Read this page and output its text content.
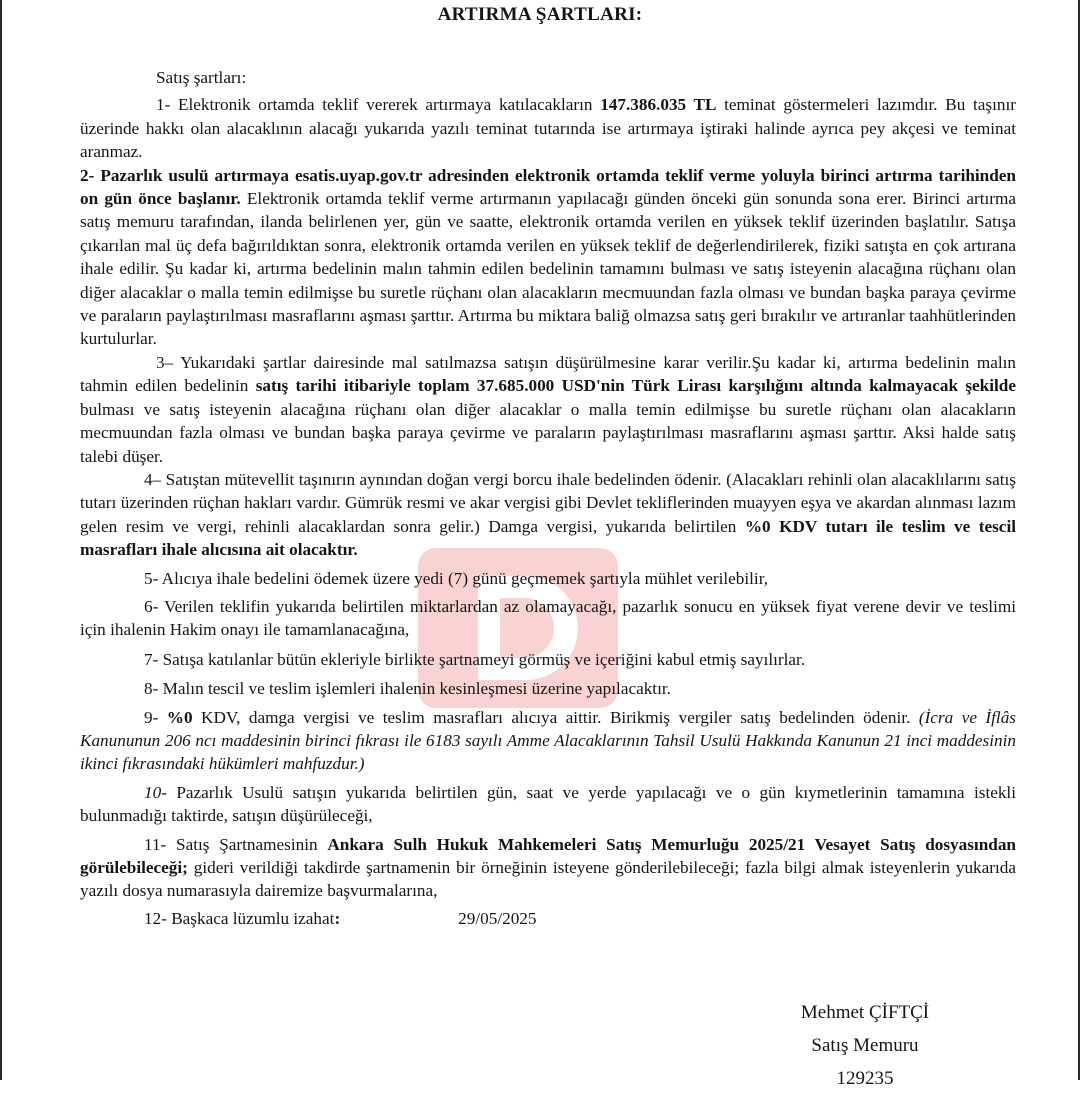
ARTIRMA ŞARTLARI:

Satış şartları:

1- Elektronik ortamda teklif vererek artırmaya katılacakların 147.386.035 TL teminat göstermeleri lazımdır. Bu taşınır üzerinde hakkı olan alacaklının alacağı yukarıda yazılı teminat tutarında ise artırmaya iştiraki halinde ayrıca pey akçesi ve teminat aranmaz.

2- Pazarlık usulü artırmaya esatis.uyap.gov.tr adresinden elektronik ortamda teklif verme yoluyla birinci artırma tarihinden on gün önce başlanır. Elektronik ortamda teklif verme artırmanın yapılacağı günden önceki gün sonunda sona erer. Birinci artırma satış memuru tarafından, ilanda belirlenen yer, gün ve saatte, elektronik ortamda verilen en yüksek teklif üzerinden başlatılır. Satışa çıkarılan mal üç defa bağırıldıktan sonra, elektronik ortamda verilen en yüksek teklif de değerlendirilerek, fiziki satışta en çok artırana ihale edilir. Şu kadar ki, artırma bedelinin malın tahmin edilen bedelinin tamamını bulması ve satış isteyenin alacağına rüçhanı olan diğer alacaklar o malla temin edilmişse bu suretle rüçhanı olan alacakların mecmuundan fazla olması ve bundan başka paraya çevirme ve paraların paylaştırılması masraflarını aşması şarttır. Artırma bu miktara baliğ olmazsa satış geri bırakılır ve artıranlar taahhütlerinden kurtulurlar.

3– Yukarıdaki şartlar dairesinde mal satılmazsa satışın düşürülmesine karar verilir.Şu kadar ki, artırma bedelinin malın tahmin edilen bedelinin satış tarihi itibariyle toplam 37.685.000 USD'nin Türk Lirası karşılığını altında kalmayacak şekilde bulması ve satış isteyenin alacağına rüçhanı olan diğer alacaklar o malla temin edilmişse bu suretle rüçhanı olan alacakların mecmuundan fazla olması ve bundan başka paraya çevirme ve paraların paylaştırılması masraflarını aşması şarttır. Aksi halde satış talebi düşer.

4– Satıştan mütevellit taşınırın aynından doğan vergi borcu ihale bedelinden ödenir. (Alacakları rehinli olan alacaklılarını satış tutarı üzerinden rüçhan hakları vardır. Gümrük resmi ve akar vergisi gibi Devlet tekliflerinden muayyen eşya ve akardan alınması lazım gelen resim ve vergi, rehinli alacaklardan sonra gelir.) Damga vergisi, yukarıda belirtilen %0 KDV tutarı ile teslim ve tescil masrafları ihale alıcısına ait olacaktır.

5- Alıcıya ihale bedelini ödemek üzere yedi (7) günü geçmemek şartıyla mühlet verilebilir,

6- Verilen teklifin yukarıda belirtilen miktarlardan az olamayacağı, pazarlık sonucu en yüksek fiyat verene devir ve teslimi için ihalenin Hakim onayı ile tamamlanacağına,

7- Satışa katılanlar bütün ekleriyle birlikte şartnameyi görmüş ve içeriğini kabul etmiş sayılırlar.

8- Malın tescil ve teslim işlemleri ihalenin kesinleşmesi üzerine yapılacaktır.

9- %0 KDV, damga vergisi ve teslim masrafları alıcıya aittir. Birikmiş vergiler satış bedelinden ödenir. (İcra ve İflâs Kanununun 206 ncı maddesinin birinci fıkrası ile 6183 sayılı Amme Alacaklarının Tahsil Usulü Hakkında Kanunun 21 inci maddesinin ikinci fıkrasındaki hükümleri mahfuzdur.)

10- Pazarlık Usulü satışın yukarıda belirtilen gün, saat ve yerde yapılacağı ve o gün kıymetlerinin tamamına istekli bulunmadığı taktirde, satışın düşürüleceği,

11- Satış Şartnamesinin Ankara Sulh Hukuk Mahkemeleri Satış Memurluğu 2025/21 Vesayet Satış dosyasından görülebileceği; gideri verildiği takdirde şartnamenin bir örneğinin isteyene gönderilebileceği; fazla bilgi almak isteyenlerin yukarıda yazılı dosya numarasıyla dairemize başvurmalarına,

12- Başkaca lüzumlu izahat:	29/05/2025

Mehmet ÇİFTÇİ
Satış Memuru
129235
